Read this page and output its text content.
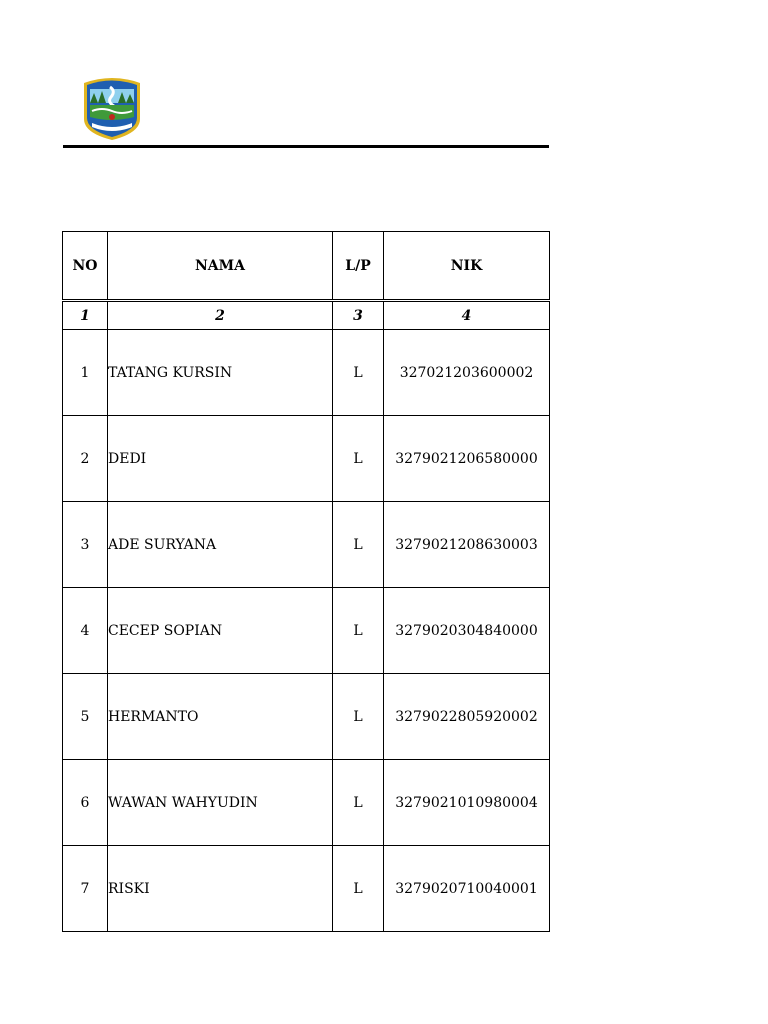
NO	NAMA	L/P	NIK
1	2	3	4
1	TATANG KURSIN	L	327021203600002
2	DEDI	L	3279021206580000
3	ADE SURYANA	L	3279021208630003
4	CECEP SOPIAN	L	3279020304840000
5	HERMANTO	L	3279022805920002
6	WAWAN WAHYUDIN	L	3279021010980004
7	RISKI	L	3279020710040001
